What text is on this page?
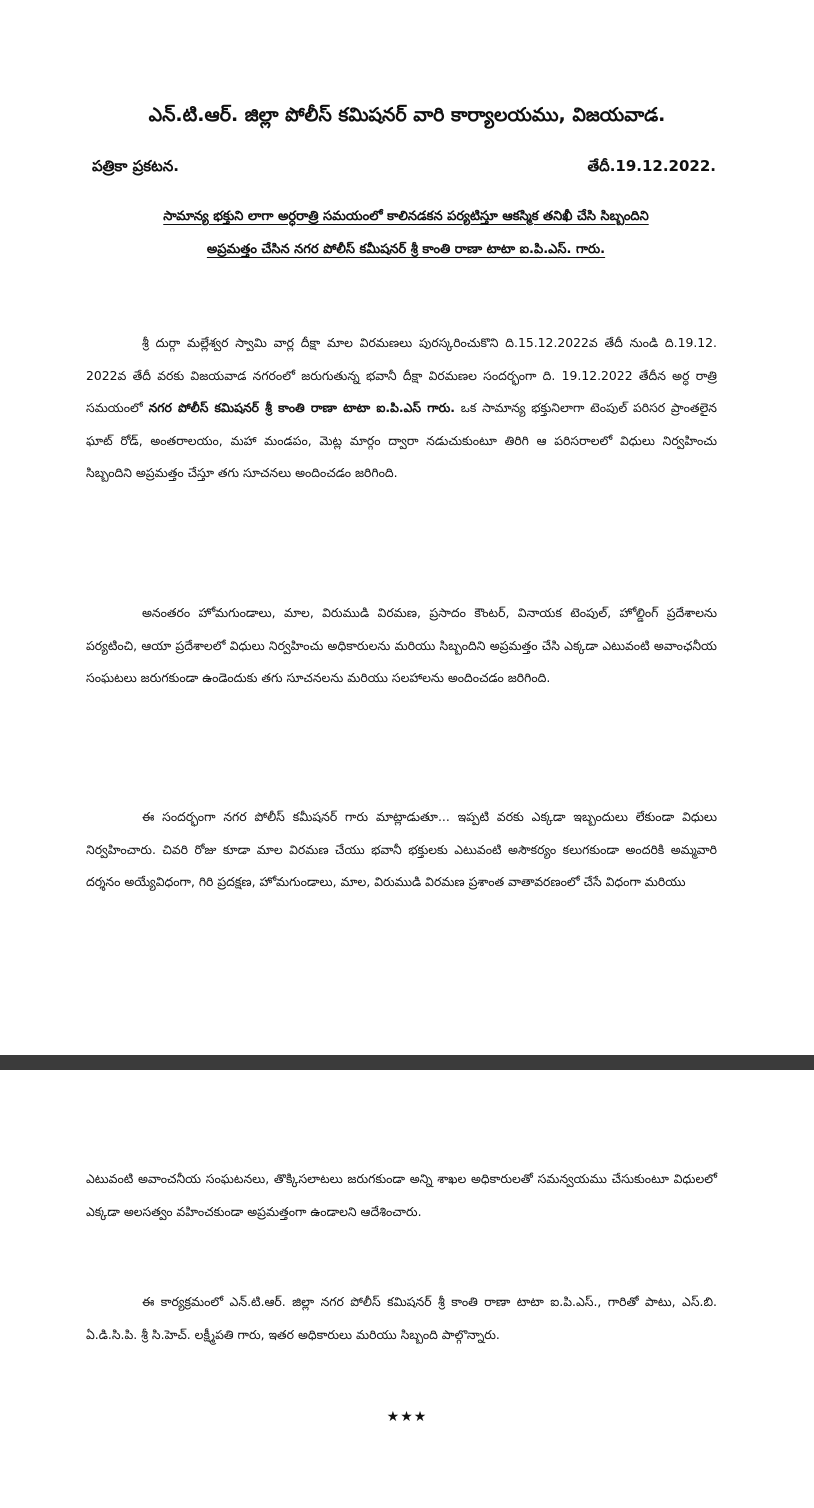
ఎన్.టి.ఆర్. జిల్లా పోలీస్ కమిషనర్ వారి కార్యాలయము, విజయవాడ.
పత్రికా ప్రకటన.	తేదీ.19.12.2022.
సామాన్య భక్తుని లాగా అర్ధరాత్రి సమయంలో కాలినడకన పర్యటిస్తూ ఆకస్మిక తనిఖీ చేసి సిబ్బందిని
అప్రమత్తం చేసిన నగర పోలీస్ కమీషనర్ శ్రీ కాంతి రాణా టాటా ఐ.పి.ఎస్. గారు.
శ్రీ దుర్గా మల్లేశ్వర స్వామి వార్ల దీక్షా మాల విరమణలు పురస్కరించుకొని ది.15.12.2022వ తేదీ నుండి ది.19.12. 2022వ తేదీ వరకు విజయవాడ నగరంలో జరుగుతున్న భవానీ దీక్షా విరమణల సందర్భంగా ది. 19.12.2022 తేదీన అర్ధ రాత్రి సమయంలో నగర పోలీస్ కమిషనర్ శ్రీ కాంతి రాణా టాటా ఐ.పి.ఎస్ గారు. ఒక సామాన్య భక్తునిలాగా టెంపుల్ పరిసర ప్రాంతలైన ఘాట్ రోడ్, అంతరాలయం, మహా మండపం, మెట్ల మార్గం ద్వారా నడుచుకుంటూ తిరిగి ఆ పరిసరాలలో విధులు నిర్వహించు సిబ్బందిని అప్రమత్తం చేస్తూ తగు సూచనలు అందించడం జరిగింది.
అనంతరం హోమగుండాలు, మాల, విరుముడి విరమణ, ప్రసాదం కౌంటర్, వినాయక టెంపుల్, హోల్డింగ్ ప్రదేశాలను పర్యటించి, ఆయా ప్రదేశాలలో విధులు నిర్వహించు అధికారులను మరియు సిబ్బందిని అప్రమత్తం చేసి ఎక్కడా ఎటువంటి అవాంఛనీయ సంఘటలు జరుగకుండా ఉండెందుకు తగు సూచనలను మరియు సలహాలను అందించడం జరిగింది.
ఈ సందర్భంగా నగర పోలీస్ కమీషనర్ గారు మాట్లాడుతూ... ఇప్పటి వరకు ఎక్కడా ఇబ్బందులు లేకుండా విధులు నిర్వహించారు. చివరి రోజు కూడా మాల విరమణ చేయు భవానీ భక్తులకు ఎటువంటి అసౌకర్యం కలుగకుండా అందరికి అమ్మవారి దర్శనం అయ్యేవిధంగా, గిరి ప్రదక్షణ, హోమగుండాలు, మాల, విరుముడి విరమణ ప్రశాంత వాతావరణంలో చేసే విధంగా మరియు
ఎటువంటి అవాంచనీయ సంఘటనలు, తొక్కిసలాటలు జరుగకుండా అన్ని శాఖల అధికారులతో సమన్వయము చేసుకుంటూ విధులలో ఎక్కడా అలసత్వం వహించకుండా అప్రమత్తంగా ఉండాలని ఆదేశించారు.
ఈ కార్యక్రమంలో ఎన్.టి.ఆర్. జిల్లా నగర పోలీస్ కమిషనర్ శ్రీ కాంతి రాణా టాటా ఐ.పి.ఎస్., గారితో పాటు, ఎస్.బి. ఏ.డి.సి.పి. శ్రీ సి.హెచ్. లక్ష్మీపతి గారు, ఇతర అధికారులు మరియు సిబ్బంది పాల్గొన్నారు.
★★★
